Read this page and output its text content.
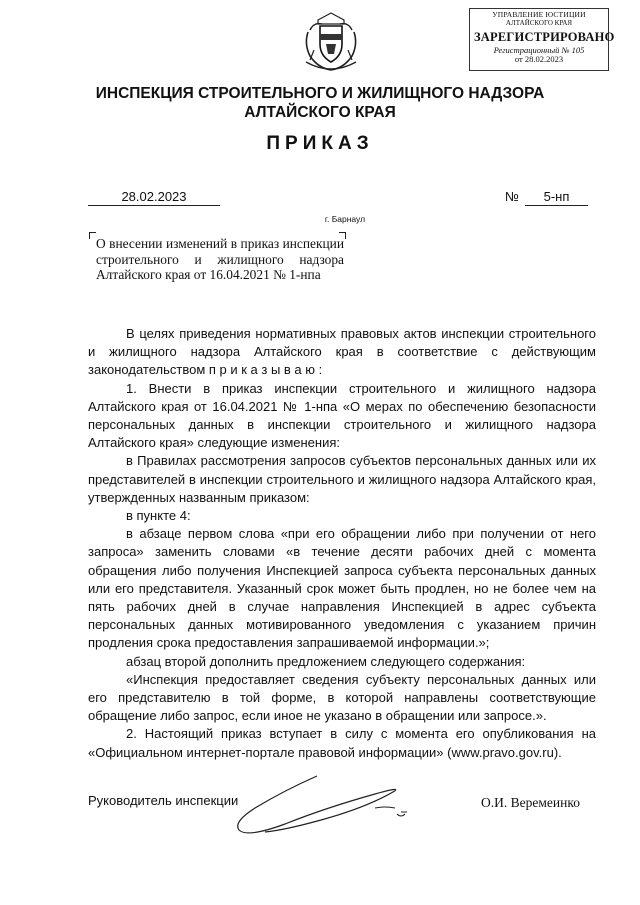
УПРАВЛЕНИЕ ЮСТИЦИИ
АЛТАЙСКОГО КРАЯ
ЗАРЕГИСТРИРОВАНО
Регистрационный № 105
от 28.02.2023
ИНСПЕКЦИЯ СТРОИТЕЛЬНОГО И ЖИЛИЩНОГО НАДЗОРА
АЛТАЙСКОГО КРАЯ
ПРИКАЗ
28.02.2023	№	5-нп
г. Барнаул
О внесении изменений в приказ инспекции строительного и жилищного надзора Алтайского края от 16.04.2021 № 1-нпа

В целях приведения нормативных правовых актов инспекции строительного и жилищного надзора Алтайского края в соответствие с действующим законодательством п р и к а з ы в а ю :

1. Внести в приказ инспекции строительного и жилищного надзора Алтайского края от 16.04.2021 № 1-нпа «О мерах по обеспечению безопасности персональных данных в инспекции строительного и жилищного надзора Алтайского края» следующие изменения:

в Правилах рассмотрения запросов субъектов персональных данных или их представителей в инспекции строительного и жилищного надзора Алтайского края, утвержденных названным приказом:

в пункте 4:

в абзаце первом слова «при его обращении либо при получении от него запроса» заменить словами «в течение десяти рабочих дней с момента обращения либо получения Инспекцией запроса субъекта персональных данных или его представителя. Указанный срок может быть продлен, но не более чем на пять рабочих дней в случае направления Инспекцией в адрес субъекта персональных данных мотивированного уведомления с указанием причин продления срока предоставления запрашиваемой информации.»;

абзац второй дополнить предложением следующего содержания:

«Инспекция предоставляет сведения субъекту персональных данных или его представителю в той форме, в которой направлены соответствующие обращение либо запрос, если иное не указано в обращении или запросе.».

2. Настоящий приказ вступает в силу с момента его опубликования на «Официальном интернет-портале правовой информации» (www.pravo.gov.ru).

Руководитель инспекции	О.И. Веремеинко
